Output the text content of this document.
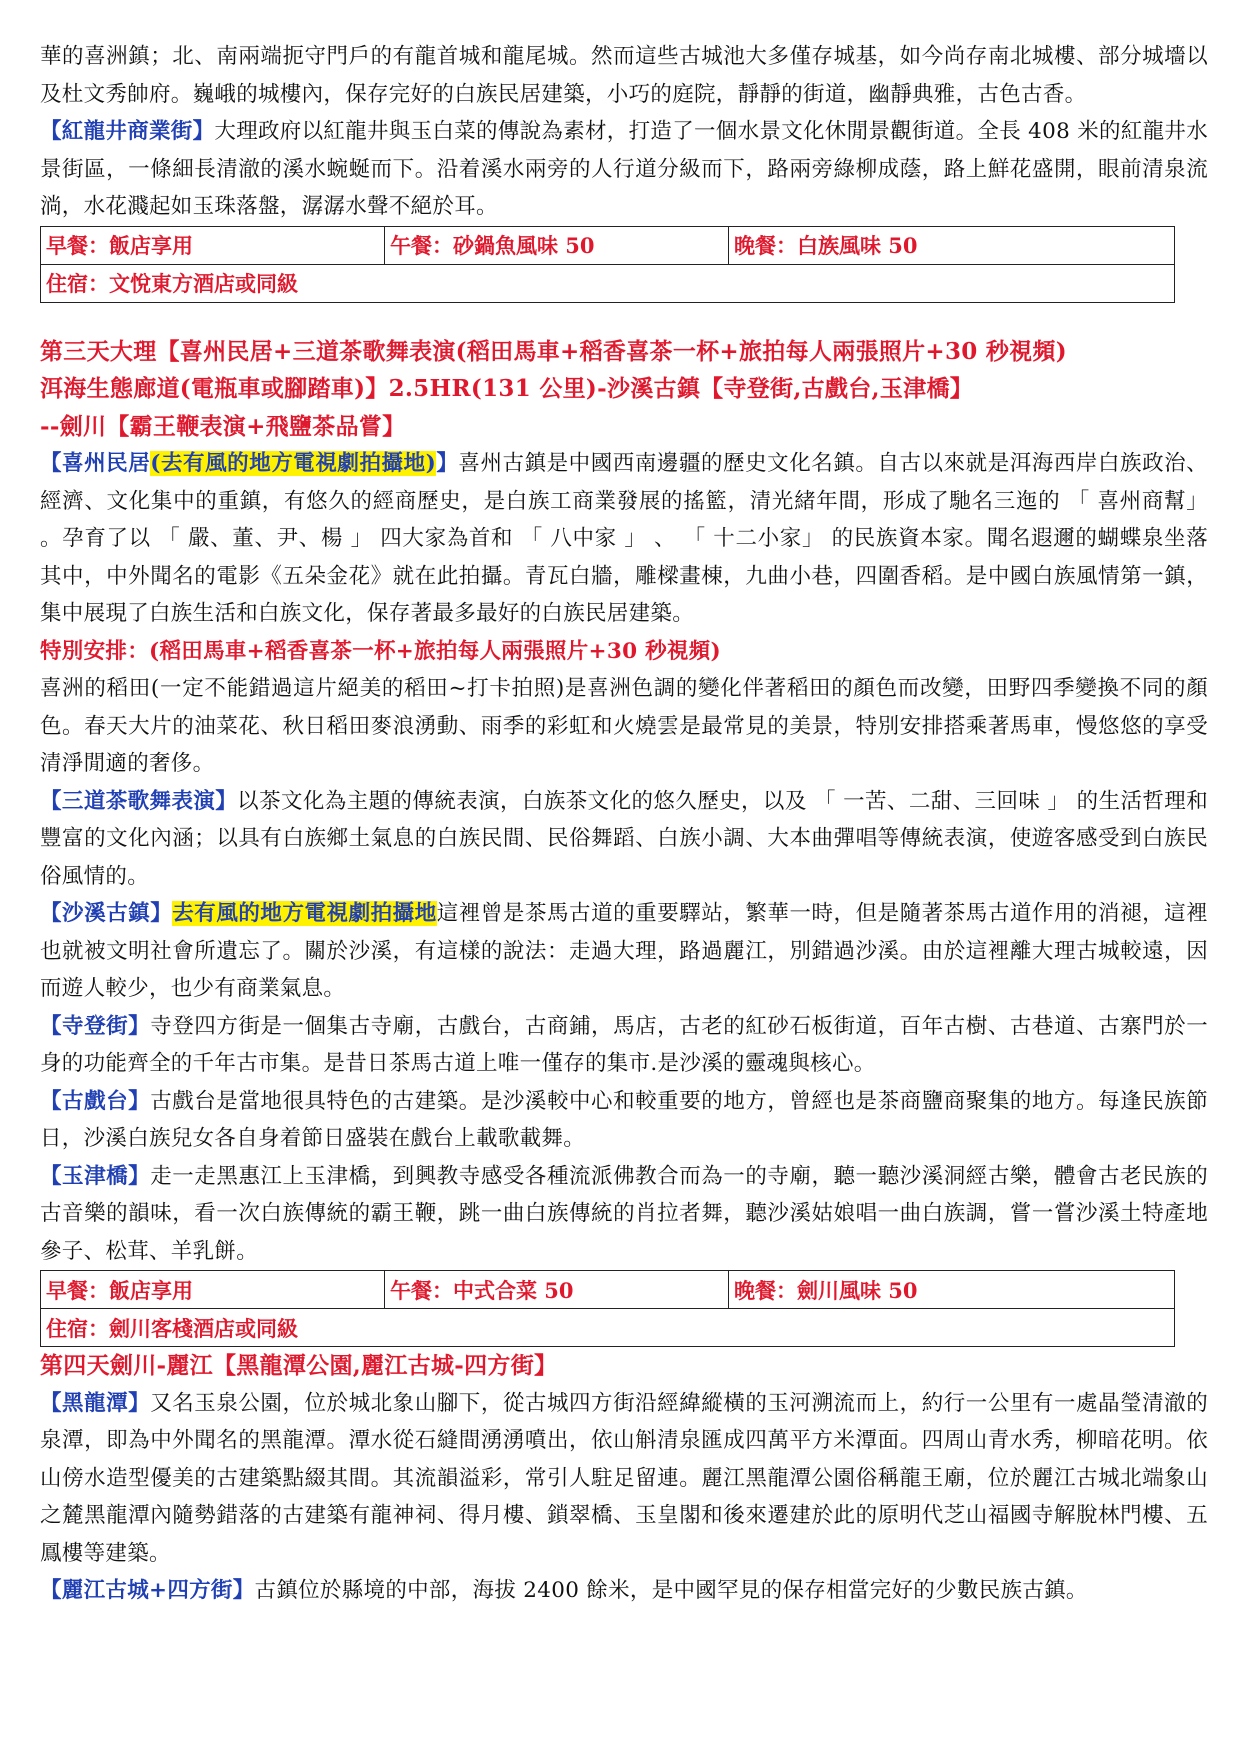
華的喜洲鎮；北、南兩端扼守門戶的有龍首城和龍尾城。然而這些古城池大多僅存城基，如今尚存南北城樓、部分城墻以及杜文秀帥府。巍峨的城樓內，保存完好的白族民居建築，小巧的庭院，靜靜的街道，幽靜典雅，古色古香。

【紅龍井商業街】大理政府以紅龍井與玉白菜的傳說為素材，打造了一個水景文化休閒景觀街道。全長 408 米的紅龍井水景街區，一條細長清澈的溪水蜿蜒而下。沿着溪水兩旁的人行道分級而下，路兩旁綠柳成蔭，路上鮮花盛開，眼前清泉流淌，水花濺起如玉珠落盤，潺潺水聲不絕於耳。

早餐：飯店享用	午餐：砂鍋魚風味 50	晚餐：白族風味 50
住宿：文悅東方酒店或同級

第三天大理【喜州民居+三道茶歌舞表演(稻田馬車+稻香喜茶一杯+旅拍每人兩張照片+30 秒視頻)

洱海生態廊道(電瓶車或腳踏車)】2.5HR(131 公里)-沙溪古鎮【寺登街,古戲台,玉津橋】

--劍川【霸王鞭表演+飛鹽茶品嘗】

【喜州民居(去有風的地方電視劇拍攝地)】喜州古鎮是中國西南邊疆的歷史文化名鎮。自古以來就是洱海西岸白族政治、經濟、文化集中的重鎮，有悠久的經商歷史，是白族工商業發展的搖籃，清光緒年間，形成了馳名三迤的 「 喜州商幫」 。孕育了以 「 嚴、董、尹、楊 」 四大家為首和 「 八中家 」 、 「 十二小家」 的民族資本家。聞名遐邇的蝴蝶泉坐落其中，中外聞名的電影《五朵金花》就在此拍攝。青瓦白牆，雕樑畫棟，九曲小巷，四圍香稻。是中國白族風情第一鎮，集中展現了白族生活和白族文化，保存著最多最好的白族民居建築。

特別安排：(稻田馬車+稻香喜茶一杯+旅拍每人兩張照片+30 秒視頻)

喜洲的稻田(一定不能錯過這片絕美的稻田~打卡拍照)是喜洲色調的變化伴著稻田的顏色而改變，田野四季變換不同的顏色。春天大片的油菜花、秋日稻田麥浪湧動、雨季的彩虹和火燒雲是最常見的美景，特別安排搭乘著馬車，慢悠悠的享受清淨閒適的奢侈。

【三道茶歌舞表演】以茶文化為主題的傳統表演，白族茶文化的悠久歷史，以及 「 一苦、二甜、三回味 」 的生活哲理和豐富的文化內涵；以具有白族鄉土氣息的白族民間、民俗舞蹈、白族小調、大本曲彈唱等傳統表演，使遊客感受到白族民俗風情的。

【沙溪古鎮】去有風的地方電視劇拍攝地這裡曾是茶馬古道的重要驛站，繁華一時，但是隨著茶馬古道作用的消褪，這裡也就被文明社會所遺忘了。關於沙溪，有這樣的說法：走過大理，路過麗江，別錯過沙溪。由於這裡離大理古城較遠，因而遊人較少，也少有商業氣息。

【寺登街】寺登四方街是一個集古寺廟，古戲台，古商鋪，馬店，古老的紅砂石板街道，百年古樹、古巷道、古寨門於一身的功能齊全的千年古市集。是昔日茶馬古道上唯一僅存的集市.是沙溪的靈魂與核心。

【古戲台】古戲台是當地很具特色的古建築。是沙溪較中心和較重要的地方，曾經也是茶商鹽商聚集的地方。每逢民族節日，沙溪白族兒女各自身着節日盛裝在戲台上載歌載舞。

【玉津橋】走一走黑惠江上玉津橋，到興教寺感受各種流派佛教合而為一的寺廟，聽一聽沙溪洞經古樂，體會古老民族的古音樂的韻味，看一次白族傳統的霸王鞭，跳一曲白族傳統的肖拉者舞，聽沙溪姑娘唱一曲白族調，嘗一嘗沙溪土特產地參子、松茸、羊乳餅。

早餐：飯店享用	午餐：中式合菜 50	晚餐：劍川風味 50
住宿：劍川客棧酒店或同級

第四天劍川-麗江【黑龍潭公園,麗江古城-四方街】

【黑龍潭】又名玉泉公園，位於城北象山腳下，從古城四方街沿經緯縱橫的玉河溯流而上，約行一公里有一處晶瑩清澈的泉潭，即為中外聞名的黑龍潭。潭水從石縫間湧湧噴出，依山斛清泉匯成四萬平方米潭面。四周山青水秀，柳暗花明。依山傍水造型優美的古建築點綴其間。其流韻溢彩，常引人駐足留連。麗江黑龍潭公園俗稱龍王廟，位於麗江古城北端象山之麓黑龍潭內隨勢錯落的古建築有龍神祠、得月樓、鎖翠橋、玉皇閣和後來遷建於此的原明代芝山福國寺解脫林門樓、五鳳樓等建築。

【麗江古城+四方街】古鎮位於縣境的中部，海拔 2400 餘米，是中國罕見的保存相當完好的少數民族古鎮。
